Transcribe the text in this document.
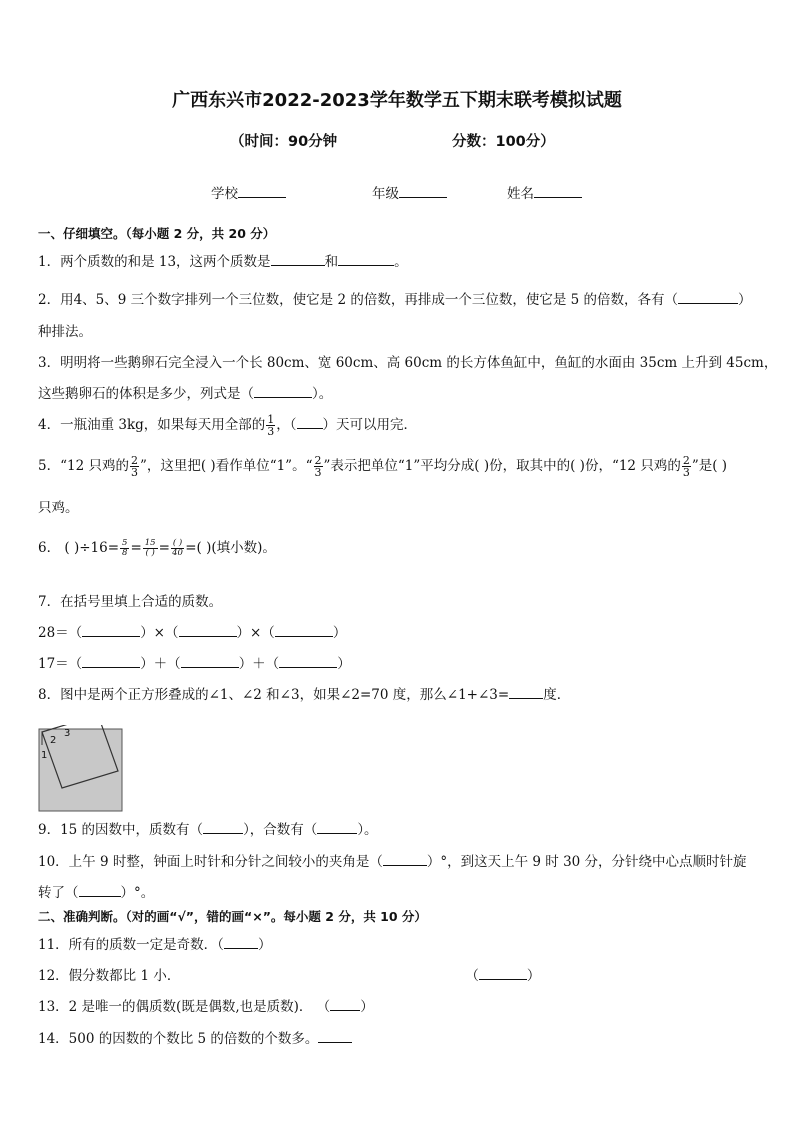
广西东兴市2022-2023学年数学五下期末联考模拟试题
（时间：90分钟	分数：100分）
学校	年级	姓名
一、仔细填空。（每小题 2 分，共 20 分）
1．两个质数的和是 13，这两个质数是	和	。
2．用4、5、9 三个数字排列一个三位数，使它是 2 的倍数，再排成一个三位数，使它是 5 的倍数，各有（	）
种排法。
3．明明将一些鹅卵石完全浸入一个长 80cm、宽 60cm、高 60cm 的长方体鱼缸中，鱼缸的水面由 35cm 上升到 45cm，
这些鹅卵石的体积是多少，列式是（	）。
4．一瓶油重 3kg，如果每天用全部的 $\frac{1}{3}$ ，（ ）天可以用完．
5．“12 只鸡的 $\frac{2}{3}$ ”，这里把( )看作单位“1”。“ $\frac{2}{3}$ ”表示把单位“1”平均分成( )份，取其中的( )份，“12 只鸡的 $\frac{2}{3}$ ”是( )
只鸡。
6． ( )$\div 16= \frac{5}{8} = 15$
( ) = ( )
40 =( )(填小数)。
7．在括号里填上合适的质数。
28＝（	）×（	）×（	）
17＝（	）＋（	）＋（	）
8．图中是两个正方形叠成的∠1、∠2 和∠3，如果∠2=70 度，那么∠1+∠3=	度．
1
2
3
9．15 的因数中，质数有（	），合数有（	）。
10．上午 9 时整，钟面上时针和分针之间较小的夹角是（	）°，到这天上午 9 时 30 分，分针绕中心点顺时针旋
转了（	）°。
二、准确判断。（对的画“√”，错的画“×”。每小题 2 分，共 10 分）
11．所有的质数一定是奇数．（	）
12．假分数都比 1 小．	（	）
13．2 是唯一的偶质数(既是偶数,也是质数)． （ ）
14．500 的因数的个数比 5 的倍数的个数多。
